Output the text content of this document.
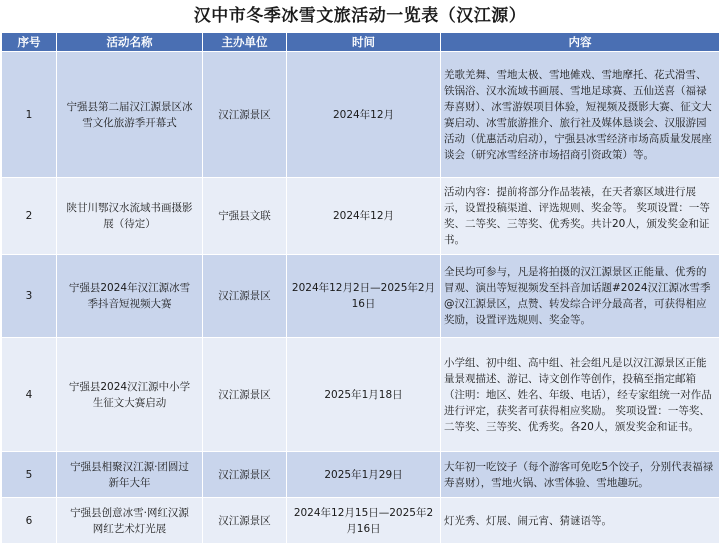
汉中市冬季冰雪文旅活动一览表（汉江源）
序号	活动名称	主办单位	时间	内容
1	宁强县第二届汉江源景区冰雪文化旅游季开幕式	汉江源景区	2024年12月	羌歌羌舞、雪地太极、雪地傩戏、雪地摩托、花式滑雪、铁锅浴、汉水流域书画展、雪地足球赛、五仙送喜（福禄寿喜财）、冰雪游娱项目体验，短视频及摄影大赛、征文大赛启动、冰雪旅游推介、旅行社及媒体恳谈会、汉服游园活动（优惠活动启动），宁强县冰雪经济市场高质量发展座谈会（研究冰雪经济市场招商引资政策）等。
2	陕甘川鄂汉水流域书画摄影展（待定）	宁强县文联	2024年12月	活动内容：提前将部分作品装裱，在天者寨区域进行展示，设置投稿渠道、评选规则、奖金等。 奖项设置：一等奖、二等奖、三等奖、优秀奖。共计20人，颁发奖金和证书。
3	宁强县2024年汉江源冰雪季抖音短视频大赛	汉江源景区	2024年12月2日—2025年2月16日	全民均可参与，凡是将拍摄的汉江源景区正能量、优秀的冒观、演出等短视频发至抖音加话题#2024汉江源冰雪季@汉江源景区，点赞、转发综合评分最高者，可获得相应奖励，设置评选规则、奖金等。
4	宁强县2024汉江源中小学生征文大赛启动	汉江源景区	2025年1月18日	小学组、初中组、高中组、社会组凡是以汉江源景区正能量景观描述、游记、诗文创作等创作，投稿至指定邮箱（注明：地区、姓名、年级、电话），经专家组统一对作品进行评定，获奖者可获得相应奖励。 奖项设置：一等奖、二等奖、三等奖、优秀奖。各20人，颁发奖金和证书。
5	宁强县相聚汉江源·团圆过新年大年	汉江源景区	2025年1月29日	大年初一吃饺子（每个游客可免吃5个饺子，分别代表福禄寿喜财），雪地火锅、冰雪体验、雪地趣玩。
6	宁强县创意冰雪·网红汉源网红艺术灯光展	汉江源景区	2024年12月15日—2025年2月16日	灯光秀、灯展、闹元宵、猜谜语等。
